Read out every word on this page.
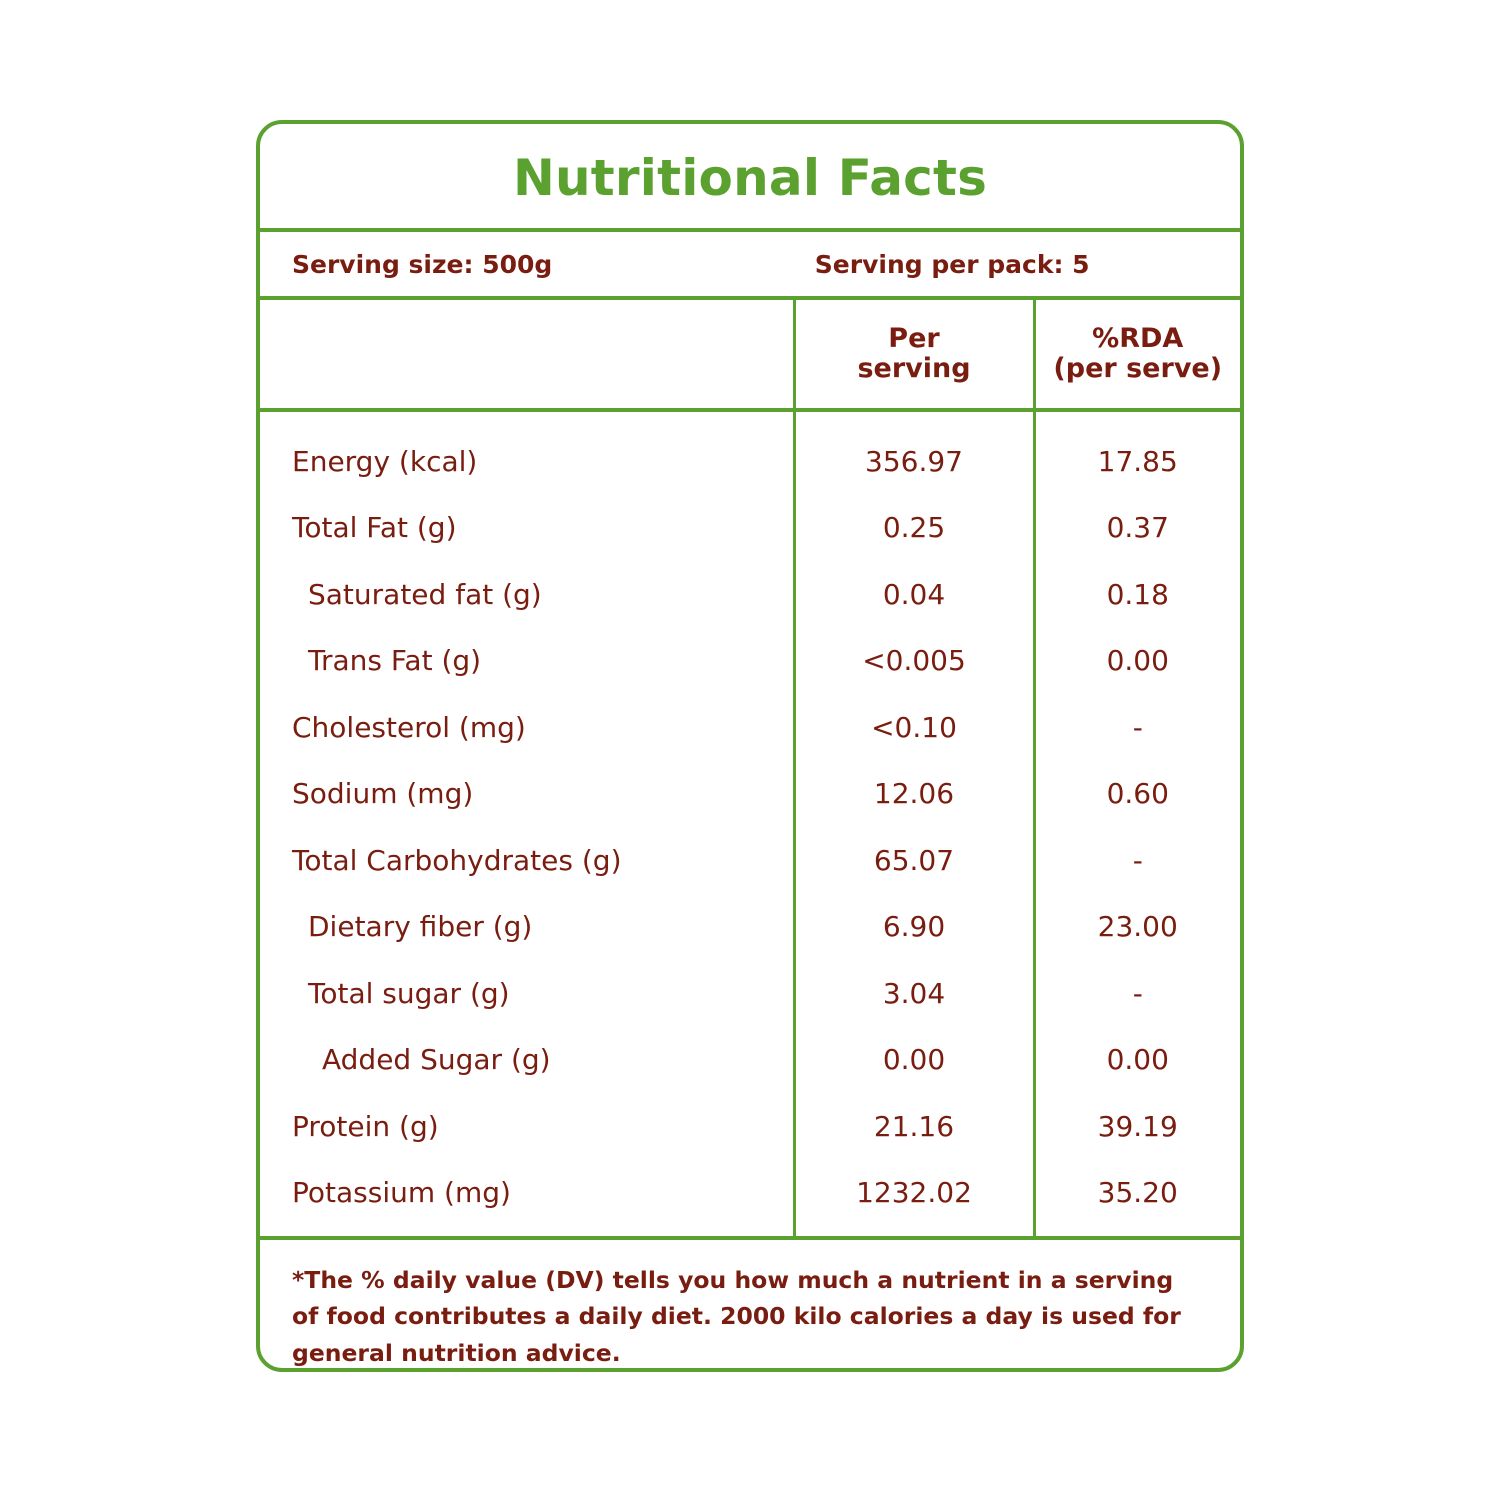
Nutritional Facts
Serving size: 500g	Serving per pack: 5

Per
serving

%RDA
(per serve)

Energy (kcal)	356.97	17.85
Total Fat (g)	0.25	0.37
Saturated fat (g)	0.04	0.18
Trans Fat (g)	<0.005	0.00
Cholesterol (mg)	<0.10	-
Sodium (mg)	12.06	0.60
Total Carbohydrates (g)	65.07	-
Dietary fiber (g)	6.90	23.00
Total sugar (g)	3.04	-
Added Sugar (g)	0.00	0.00
Protein (g)	21.16	39.19
Potassium (mg)	1232.02	35.20
*The % daily value (DV) tells you how much a nutrient in a serving of food contributes a daily diet. 2000 kilo calories a day is used for general nutrition advice.
